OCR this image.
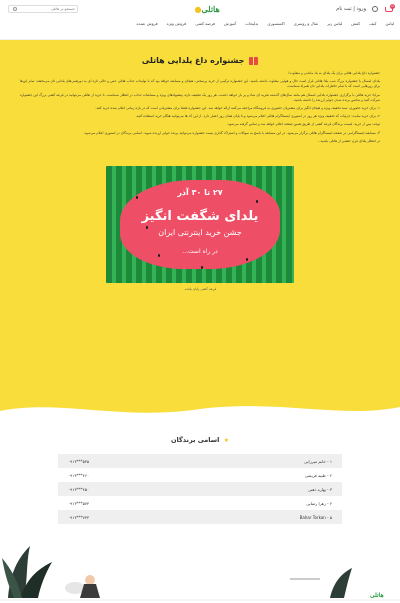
0
ورود | ثبت نام
هاتلی●
جستجو در هاتلی
لباس
کیف
کفش
لباس زیر
شال و روسری
اکسسوری
بدلیجات
آموزش
فرصه کشی
فروش ویژه
فروش عمده
جشنواره داغ یلدایی هاتلی

جشنواره داغ یلدایی هاتلی برای یک یلدای به یاد ماندنی و متفاوت!

یلدای امسال با جشنواره بزرگ شب یلدا هاتلی قرار است حال و هوایی متفاوت داشته باشید. این جشنواره ترکیبی از خرید پرسختی، هیجان و مسابقه خواهد بود که با تولیدات جذاب هاتلی حس و حالی تازه ای به دورهمی‌های یلدایی تان می‌بخشد. تمام این‌ها برای روزهایی است که با تمام خاطرات یلدایی تان همراه شماست.

مزایا: خرید هاتلی با برگزاری جشنواره یلدایی امسال هم مانند سال‌های گذشته تجربه ای شاد و پر بار خواهد داشت. هر روز یک تخفیف تازه، پیشنهادهای ویژه و مسابقات جذاب در انتظار شماست. با خرید از هاتلی می‌توانید در قرعه کشی بزرگ این جشنواره شرکت کنید و شانس برنده شدن جوایز ارزنده را داشته باشید.

۱- برای خرید حضوری، سبد تخفیف ویژه و هیجان انگیز برای مشتریان حضوری به فروشگاه مراجعه می‌کنند ارائه خواهد شد. این جشنواره فقط برای مشتریانی است که در بازه زمانی اعلام شده خرید کنند.

۲- برای خرید سایت: جزئیات کد تخفیف ویژه هر روز در استوری اینستاگرام هاتلی اعلام می‌شود و تا پایان همان روز اعتبار دارد. از این کد ها می‌توانید هنگام خرید استفاده کنید.

توجه: پس از خرید، لیست برندگان قرعه کشی از طریق همین صفحه اعلام خواهد شد و تماس گرفته می‌شود.

۳- مسابقه اینستاگرامی در صفحه اینستاگرام هاتلی برگزار می‌شود. در این مسابقه با پاسخ به سوالات و اشتراک گذاری پست جشنواره می‌توانید برنده جوایز ارزنده شوید. اسامی برندگان در استوری اعلام می‌شود.

در انتظار یلدای قرن جشنی از هاتلی باشید...

۲۷ تا ۳۰ آذر
یلدای شگفت انگیز
جشن خرید اینترنتی ایران
در راه است...
قرعه کشی پایان یافت.
★ اسامی برندگان
۱ - خانم میرزایی
۰۹۱۳***۵۳۵
۲ - طیبه قریشی
۰۹۱۳***۴۶۰
۳ - پهاره ذهبی
۰۹۱۳***۴۵۰
۴ - زهرا رضایی
۰۹۱۳***۵۷۳
۵ - Bahar Torkan
۰۹۱۳***۷۳۳
هاتلی
